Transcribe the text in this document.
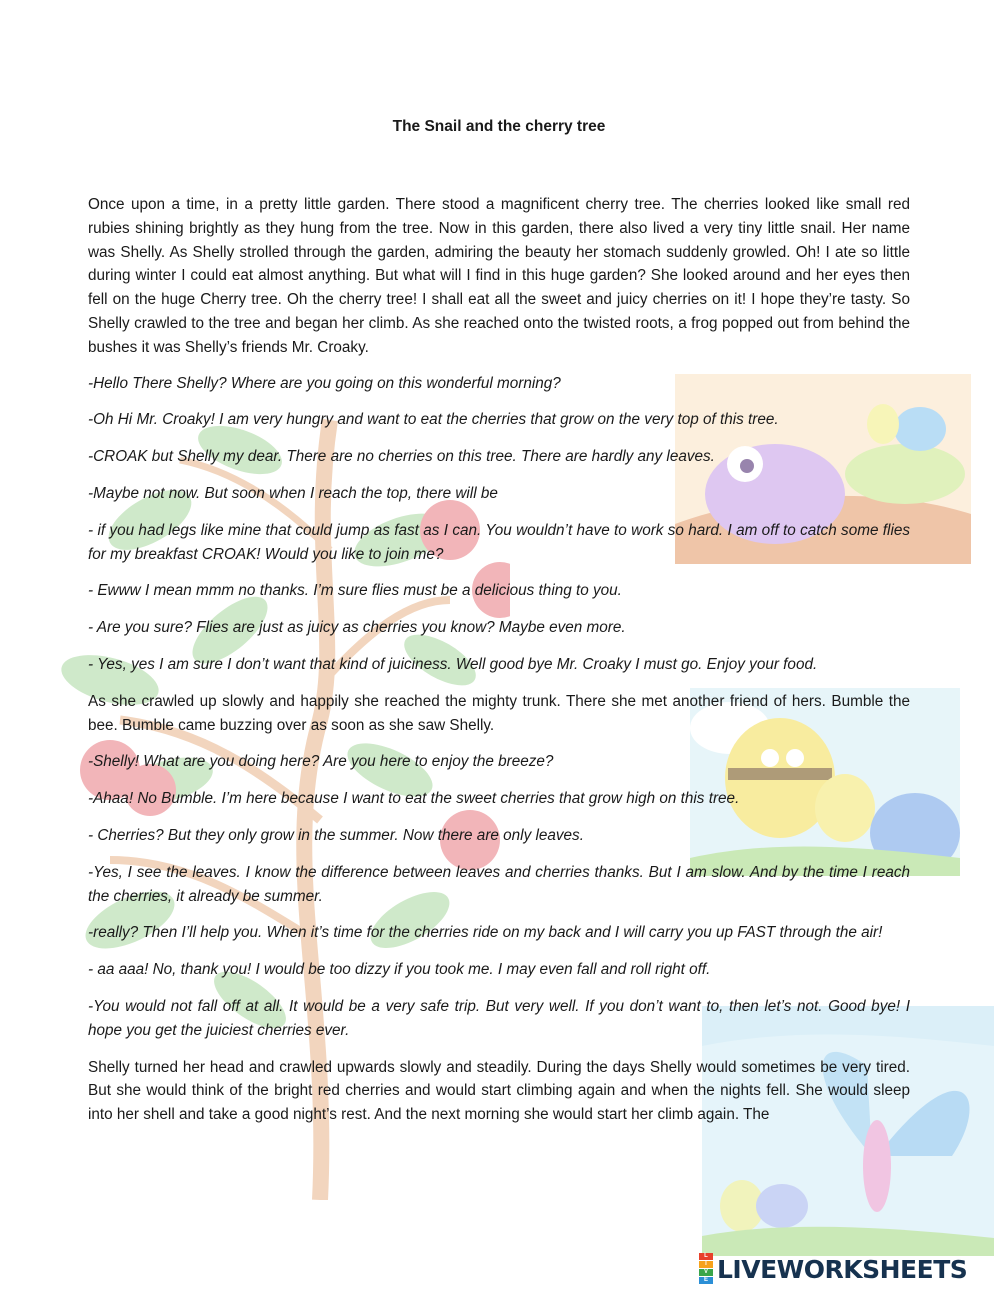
The Snail and the cherry tree

Once upon a time, in a pretty little garden. There stood a magnificent cherry tree. The cherries looked like small red rubies shining brightly as they hung from the tree. Now in this garden, there also lived a very tiny little snail. Her name was Shelly. As Shelly strolled through the garden, admiring the beauty her stomach suddenly growled. Oh! I ate so little during winter I could eat almost anything. But what will I find in this huge garden? She looked around and her eyes then fell on the huge Cherry tree. Oh the cherry tree! I shall eat all the sweet and juicy cherries on it! I hope they’re tasty. So Shelly crawled to the tree and began her climb. As she reached onto the twisted roots, a frog popped out from behind the bushes it was Shelly’s friends Mr. Croaky.

-Hello There Shelly? Where are you going on this wonderful morning?

-Oh Hi Mr. Croaky! I am very hungry and want to eat the cherries that grow on the very top of this tree.

-CROAK but Shelly my dear. There are no cherries on this tree. There are hardly any leaves.

-Maybe not now. But soon when I reach the top, there will be

- if you had legs like mine that could jump as fast as I can. You wouldn’t have to work so hard. I am off to catch some flies for my breakfast CROAK! Would you like to join me?

- Ewww I mean mmm no thanks. I’m sure flies must be a delicious thing to you.

- Are you sure? Flies are just as juicy as cherries you know? Maybe even more.

- Yes, yes I am sure I don’t want that kind of juiciness. Well good bye Mr. Croaky I must go. Enjoy your food.

As she crawled up slowly and happily she reached the mighty trunk. There she met another friend of hers. Bumble the bee. Bumble came buzzing over as soon as she saw Shelly.

-Shelly! What are you doing here? Are you here to enjoy the breeze?

-Ahaa! No Bumble. I’m here because I want to eat the sweet cherries that grow high on this tree.

- Cherries? But they only grow in the summer. Now there are only leaves.

-Yes, I see the leaves. I know the difference between leaves and cherries thanks. But I am slow. And by the time I reach the cherries, it already be summer.

-really? Then I’ll help you. When it’s time for the cherries ride on my back and I will carry you up FAST through the air!

- aa aaa! No, thank you! I would be too dizzy if you took me. I may even fall and roll right off.

-You would not fall off at all. It would be a very safe trip. But very well. If you don’t want to, then let’s not. Good bye! I hope you get the juiciest cherries ever.

Shelly turned her head and crawled upwards slowly and steadily. During the days Shelly would sometimes be very tired. But she would think of the bright red cherries and would start climbing again and when the nights fell. She would sleep into her shell and take a good night’s rest. And the next morning she would start her climb again. The

L
I
V
E LIVEWORKSHEETS
